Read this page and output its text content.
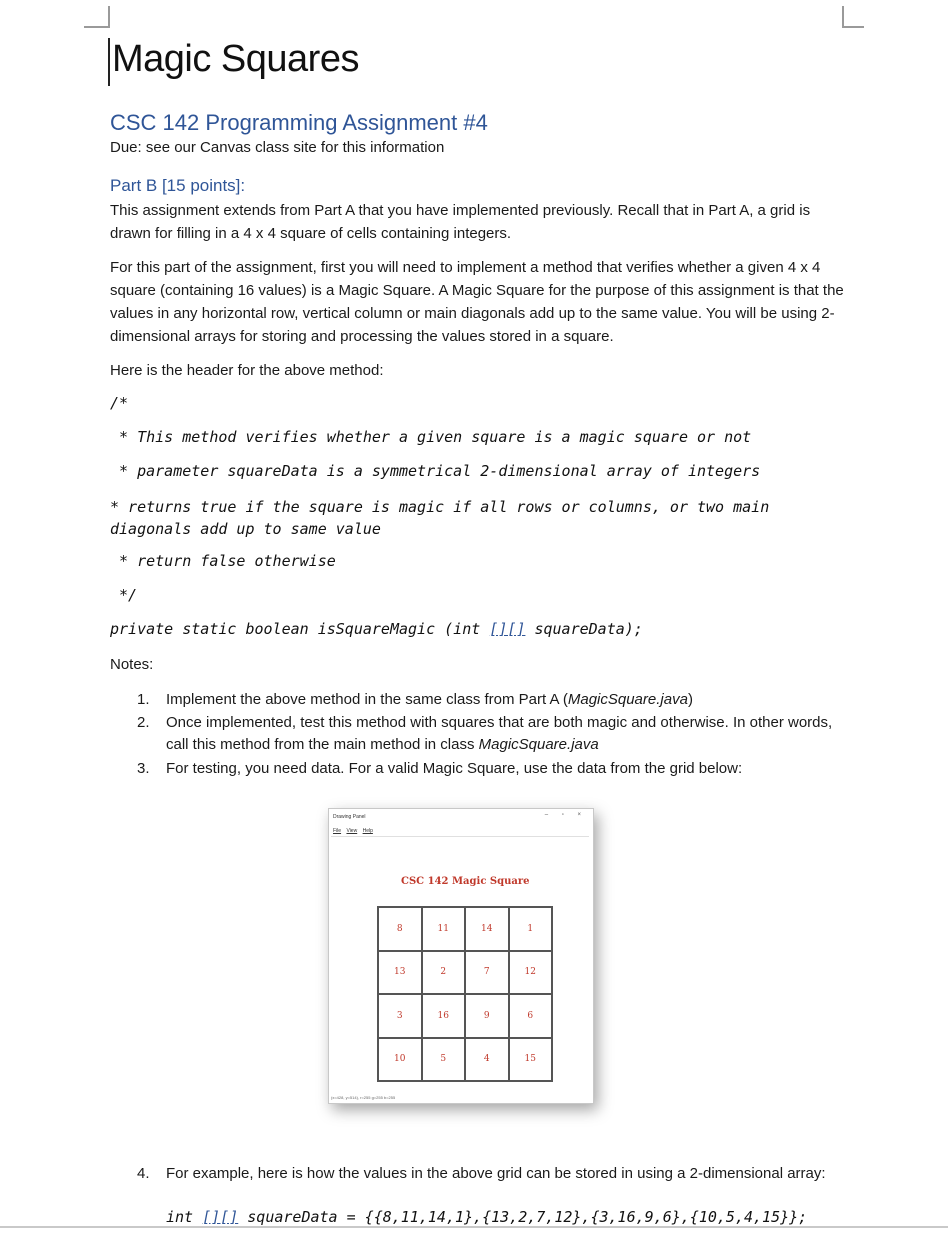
Magic Squares
CSC 142 Programming Assignment #4
Due: see our Canvas class site for this information
Part B [15 points]:
This assignment extends from Part A that you have implemented previously. Recall that in Part A, a grid is drawn for filling in a 4 x 4 square of cells containing integers.
For this part of the assignment, first you will need to implement a method that verifies whether a given 4 x 4 square (containing 16 values) is a Magic Square. A Magic Square for the purpose of this assignment is that the values in any horizontal row, vertical column or main diagonals add up to the same value. You will be using 2-dimensional arrays for storing and processing the values stored in a square.
Here is the header for the above method:
/*
* This method verifies whether a given square is a magic square or not
* parameter squareData is a symmetrical 2-dimensional array of integers
* returns true if the square is magic if all rows or columns, or two main diagonals add up to same value
* return false otherwise
*/
private static boolean isSquareMagic (int [][] squareData);
Notes:
1. Implement the above method in the same class from Part A (MagicSquare.java)
2. Once implemented, test this method with squares that are both magic and otherwise. In other words, call this method from the main method in class MagicSquare.java
3. For testing, you need data. For a valid Magic Square, use the data from the grid below:
Drawing Panel	– ▫ ×
File View Help
CSC 142 Magic Square
8	11	14	1
13	2	7	12
3	16	9	6
10	5	4	15
(x=428, y=514), r=255 g=255 b=255
4. For example, here is how the values in the above grid can be stored in using a 2-dimensional array:
int [][] squareData = {{8,11,14,1},{13,2,7,12},{3,16,9,6},{10,5,4,15}};
